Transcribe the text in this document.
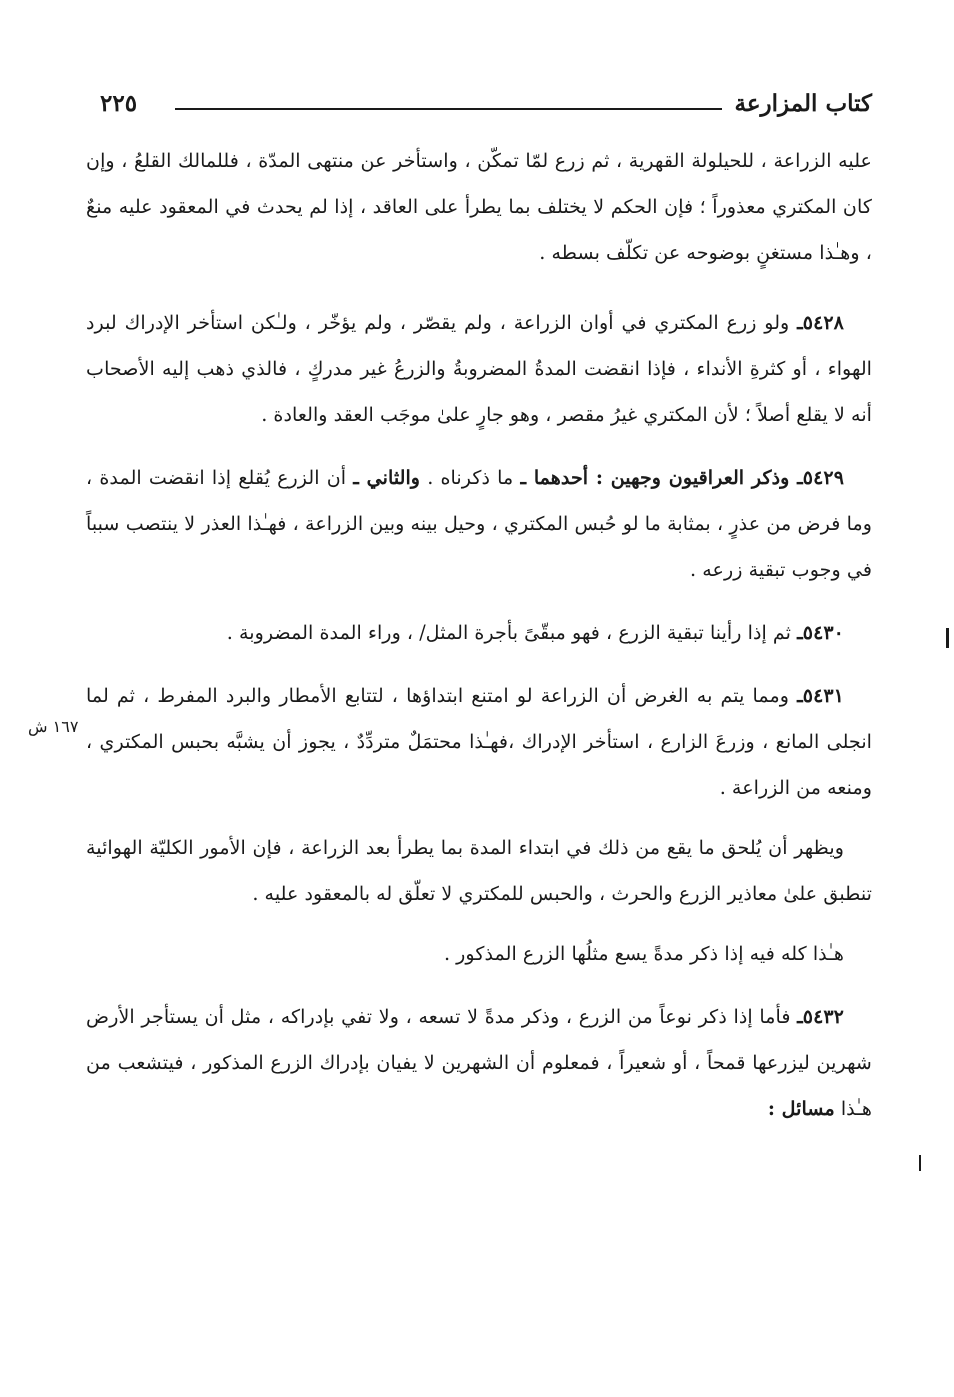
كتاب المزارعة
٢٢٥

عليه الزراعة ، للحيلولة القهرية ، ثم زرع لمّا تمكّن ، واستأخر عن منتهى المدّة ، فللمالك القلعُ ، وإن كان المكتري معذوراً ؛ فإن الحكم لا يختلف بما يطرأ على العاقد ، إذا لم يحدث في المعقود عليه منعٌ ، وهـٰذا مستغنٍ بوضوحه عن تكلّف بسطه .

٥٤٢٨ـ ولو زرع المكتري في أوان الزراعة ، ولم يقصّر ، ولم يؤخّر ، ولـٰكن استأخر الإدراك لبرد الهواء ، أو كثرةِ الأنداء ، فإذا انقضت المدةُ المضروبةُ والزرعُ غير مدركٍ ، فالذي ذهب إليه الأصحاب أنه لا يقلع أصلاً ؛ لأن المكتري غيرُ مقصر ، وهو جارٍ علىٰ موجَب العقد والعادة .

٥٤٢٩ـ وذكر العراقيون وجهين : أحدهما ـ ما ذكرناه . والثاني ـ أن الزرع يُقلع إذا انقضت المدة ، وما فرض من عذرٍ ، بمثابة ما لو حُبس المكتري ، وحيل بينه وبين الزراعة ، فهـٰذا العذر لا ينتصب سبباً في وجوب تبقية زرعه .

٥٤٣٠ـ ثم إذا رأينا تبقية الزرع ، فهو مبقّىً بأجرة المثل/ ، وراء المدة المضروبة .

٥٤٣١ـ ومما يتم به الغرض أن الزراعة لو امتنع ابتداؤها ، لتتابع الأمطار والبرد المفرط ، ثم لما انجلى المانع ، وزرعَ الزارع ، استأخر الإدراك ،فهـٰذا محتمَلٌ متردِّدٌ ، يجوز أن يشبَّه بحبس المكتري ، ومنعه من الزراعة .

ويظهر أن يُلحق ما يقع من ذلك في ابتداء المدة بما يطرأ بعد الزراعة ، فإن الأمور الكليّة الهوائية تنطبق علىٰ معاذير الزرع والحرث ، والحبس للمكتري لا تعلّق له بالمعقود عليه .

هـٰذا كله فيه إذا ذكر مدةً يسع مثلُها الزرع المذكور .

٥٤٣٢ـ فأما إذا ذكر نوعاً من الزرع ، وذكر مدةً لا تسعه ، ولا تفي بإدراكه ، مثل أن يستأجر الأرض شهرين ليزرعها قمحاً ، أو شعيراً ، فمعلوم أن الشهرين لا يفيان بإدراك الزرع المذكور ، فيتشعب من هـٰذا مسائل :

١٦٧ ش
